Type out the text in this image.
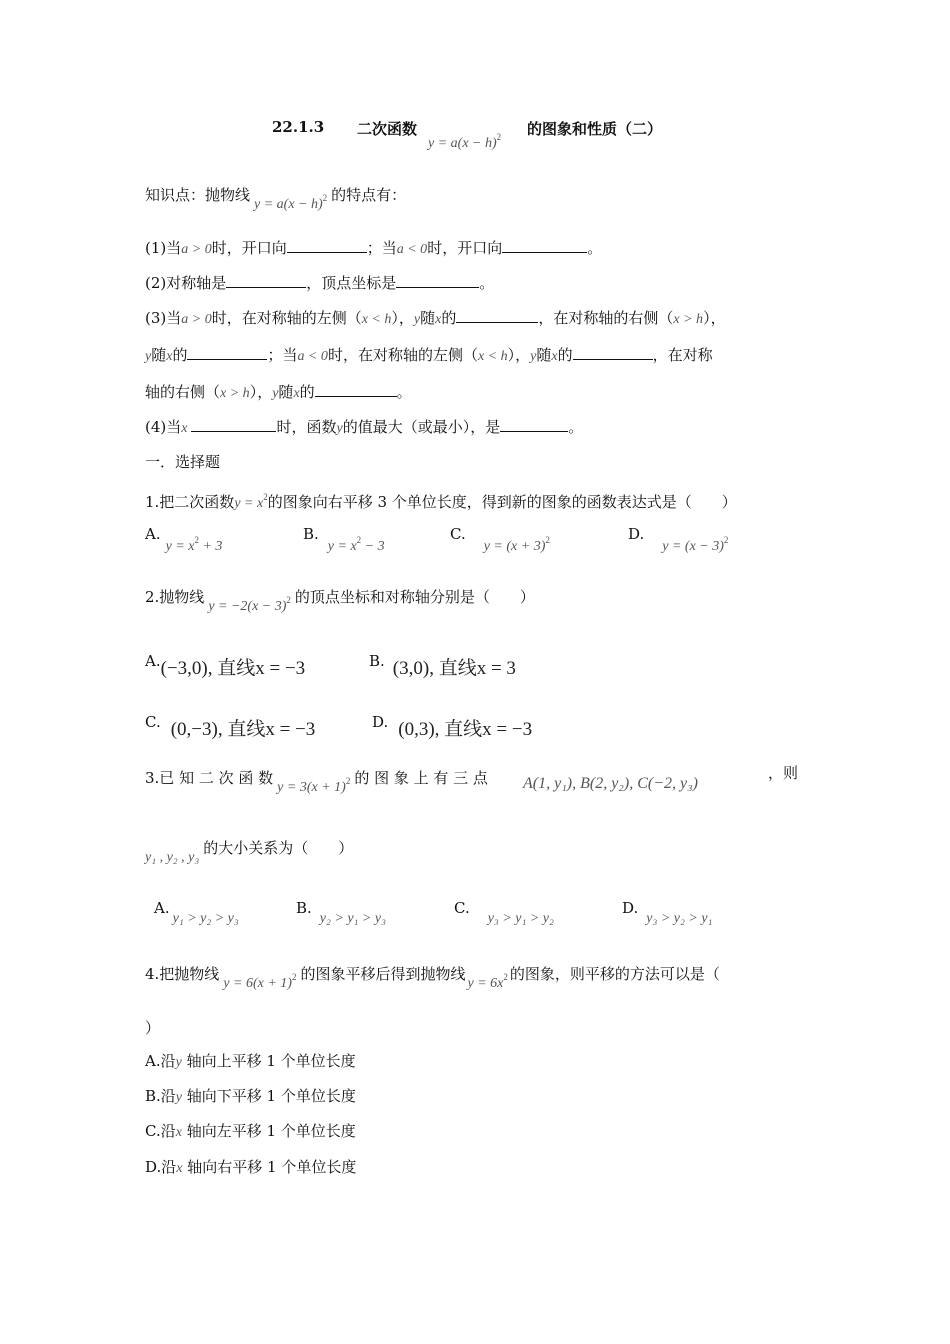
22.1.3 二次函数
$y = a(x - h)^2$ 的图象和性质（二）
知识点：抛物线$y = a(x - h)^2$ 的特点有：
(1)当a > 0时，开口向	；当a < 0时，开口向	。
(2)对称轴是	，顶点坐标是	。
(3)当a > 0时，在对称轴的左侧（x < h），y随x的	，在对称轴的右侧（x > h），
y随x的	；当a < 0时，在对称轴的左侧（x < h），y随x的	，在对称
轴的右侧（x > h），y随x的	。
(4)当x	时，函数y的值最大（或最小），是	。
一．选择题
1.把二次函数$y = x^2$的图象向右平移 3 个单位长度，得到新的图象的函数表达式是（　　）
$A.y = x^2 + 3$
$B.y = x^2 - 3$
$C.y = (x + 3)^2$	$D.y = (x - 3)^2$
2.抛物线$y = -2(x - 3)^2$ 的顶点坐标和对称轴分别是（　　）
A.(−3,0), 直线x = −3	B. (3,0), 直线x = 3
C. (0,−3), 直线x = −3	D. (0,3), 直线x = −3
3.已 知 二 次 函 数$y = 3(x + 1)^2$ 的 图 象 上 有 三 点 A(1, y₁), B(2, y₂), C(−2, y₃)
，则
y₁ , y₂ , y₃的大小关系为（　　）
A.y₁ > y₂ > y₃
B.y₂ > y₁ > y₃
C.y₃ > y₁ > y₂
D.y₃ > y₂ > y₁
4.把抛物线$y = 6(x + 1)^2$ 的图象平移后得到抛物线$y = 6x^2$ 的图象，则平移的方法可以是（
）
A.沿y 轴向上平移 1 个单位长度
B.沿y 轴向下平移 1 个单位长度
C.沿x 轴向左平移 1 个单位长度
D.沿x 轴向右平移 1 个单位长度
